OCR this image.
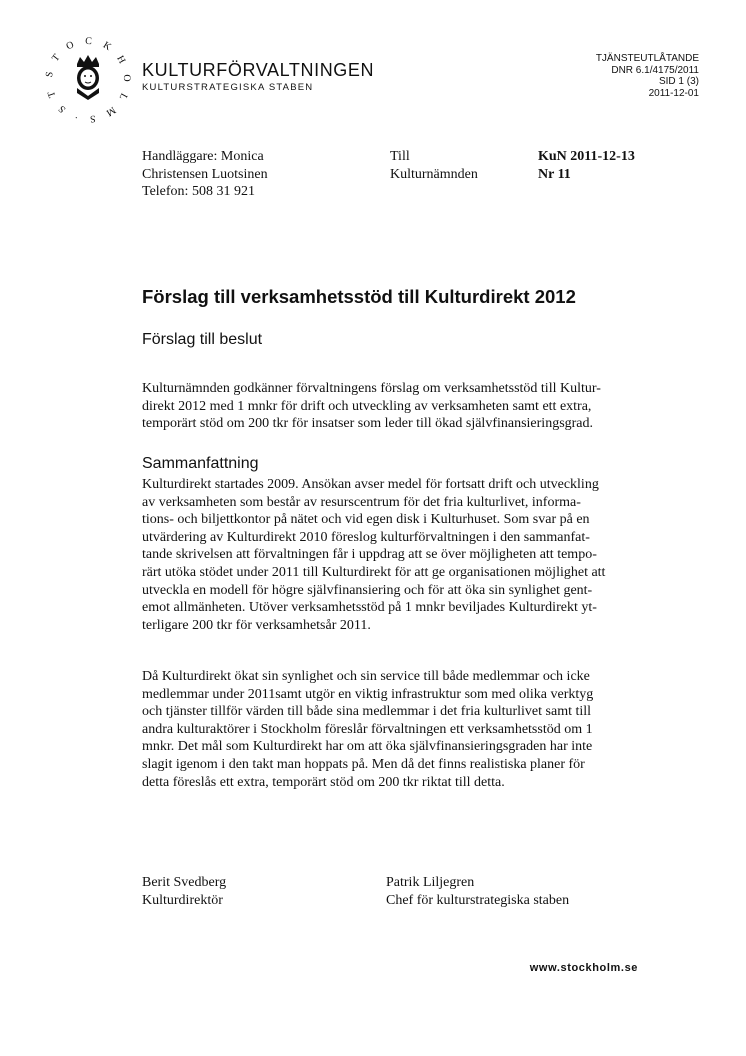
S T O C K H O L M S · S T
KULTURFÖRVALTNINGEN
KULTURSTRATEGISKA STABEN
TJÄNSTEUTLÅTANDE
DNR 6.1/4175/2011
SID 1 (3)
2011-12-01
Handläggare: Monica
Christensen Luotsinen
Telefon: 508 31 921
Till
Kulturnämnden
KuN 2011-12-13
Nr 11
Förslag till verksamhetsstöd till Kulturdirekt 2012
Förslag till beslut
Kulturnämnden godkänner förvaltningens förslag om verksamhetsstöd till Kultur-
direkt 2012 med 1 mnkr för drift och utveckling av verksamheten samt ett extra,
temporärt stöd om 200 tkr för insatser som leder till ökad självfinansieringsgrad.
Sammanfattning
Kulturdirekt startades 2009. Ansökan avser medel för fortsatt drift och utveckling
av verksamheten som består av resurscentrum för det fria kulturlivet, informa-
tions- och biljettkontor på nätet och vid egen disk i Kulturhuset. Som svar på en
utvärdering av Kulturdirekt 2010 föreslog kulturförvaltningen i den sammanfat-
tande skrivelsen att förvaltningen får i uppdrag att se över möjligheten att tempo-
rärt utöka stödet under 2011 till Kulturdirekt för att ge organisationen möjlighet att
utveckla en modell för högre självfinansiering och för att öka sin synlighet gent-
emot allmänheten. Utöver verksamhetsstöd på 1 mnkr beviljades Kulturdirekt yt-
terligare 200 tkr för verksamhetsår 2011.
Då Kulturdirekt ökat sin synlighet och sin service till både medlemmar och icke
medlemmar under 2011samt utgör en viktig infrastruktur som med olika verktyg
och tjänster tillför värden till både sina medlemmar i det fria kulturlivet samt till
andra kulturaktörer i Stockholm föreslår förvaltningen ett verksamhetsstöd om 1
mnkr. Det mål som Kulturdirekt har om att öka självfinansieringsgraden har inte
slagit igenom i den takt man hoppats på. Men då det finns realistiska planer för
detta föreslås ett extra, temporärt stöd om 200 tkr riktat till detta.
Berit Svedberg
Kulturdirektör
Patrik Liljegren
Chef för kulturstrategiska staben
www.stockholm.se
